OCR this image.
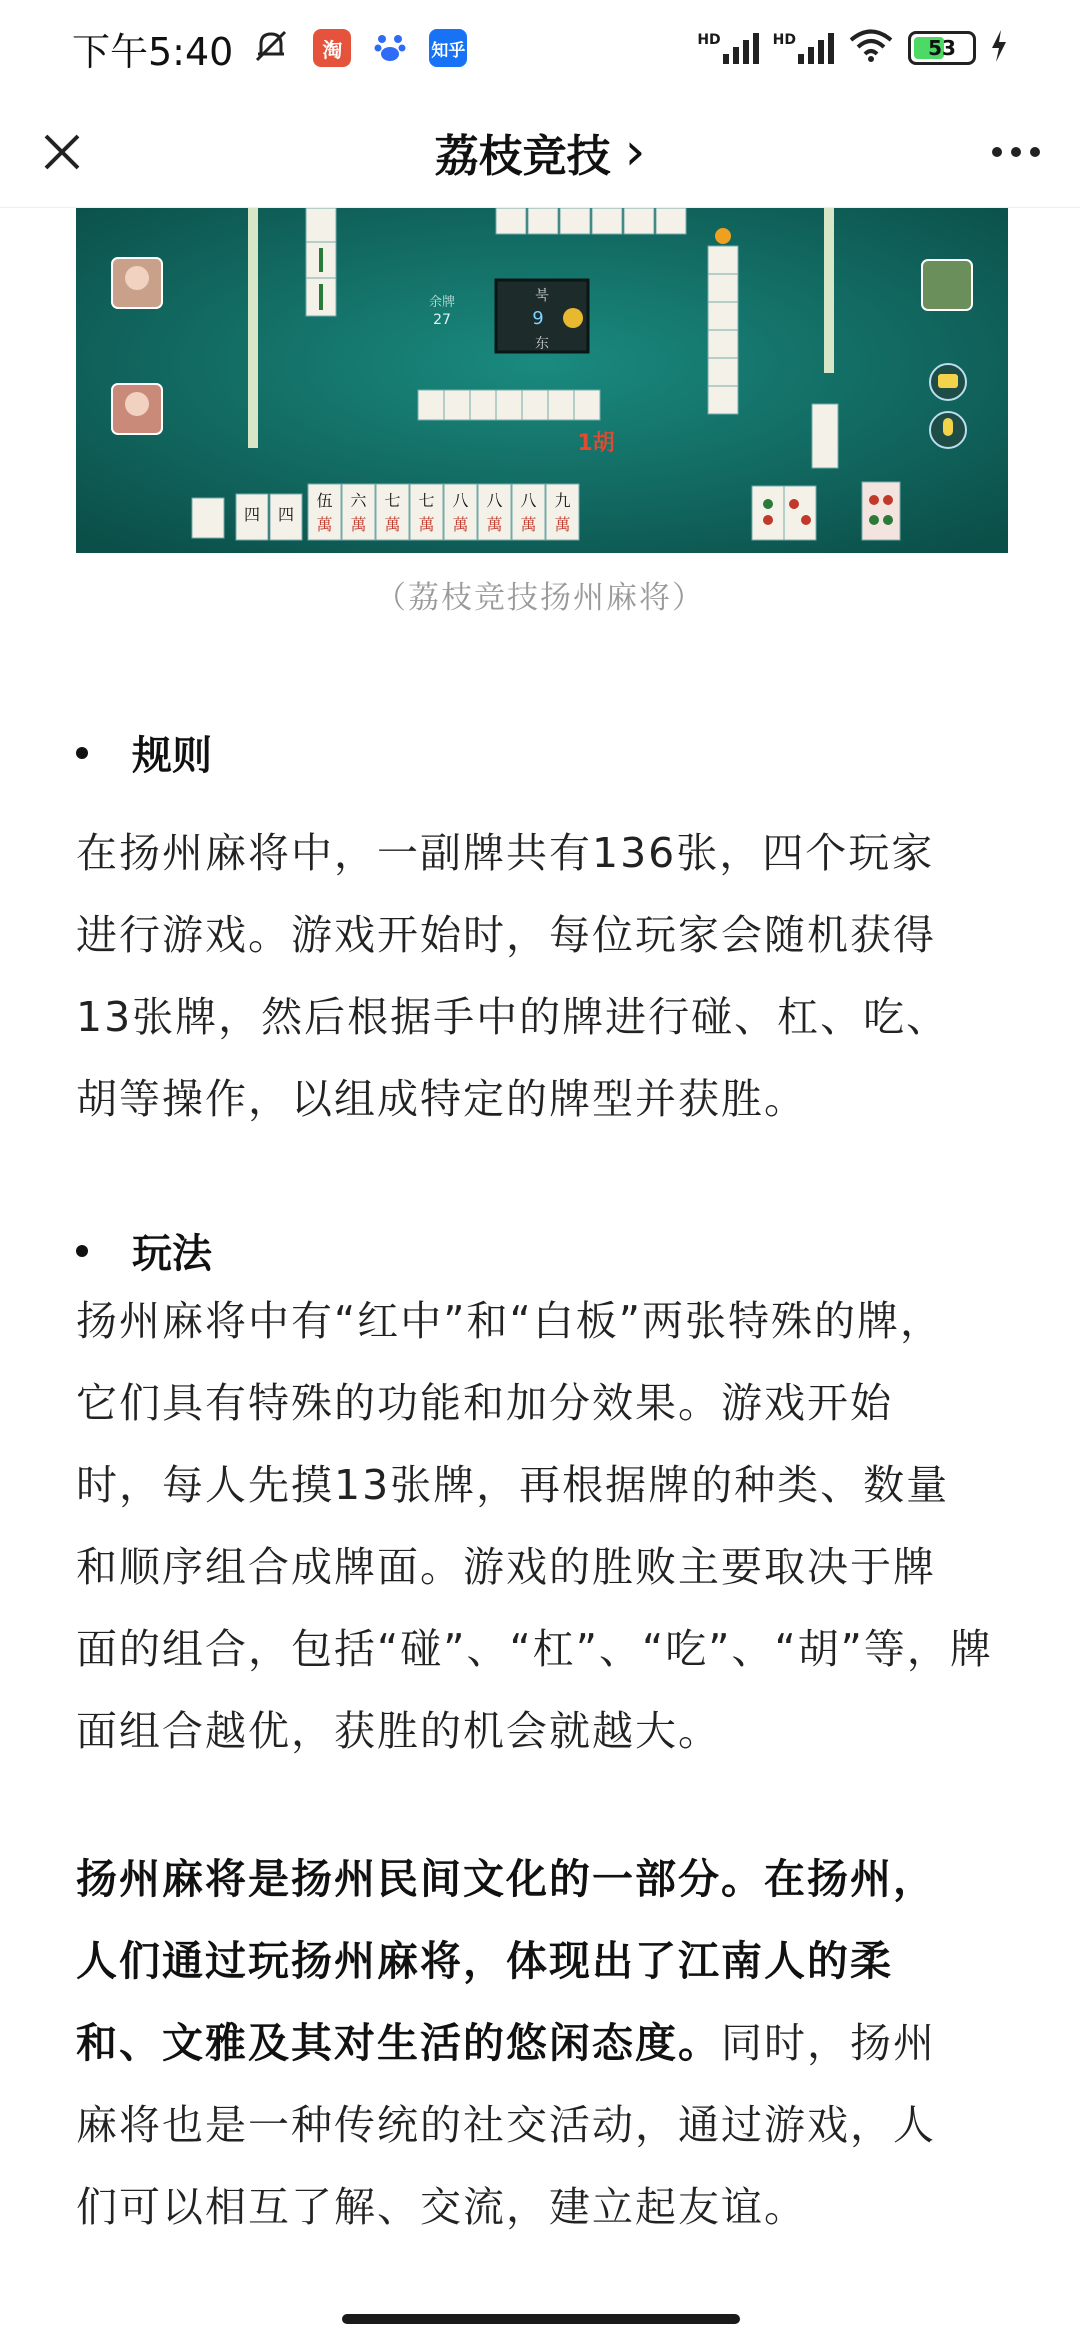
下午5:40	淘	知乎
HD	HD	53
荔枝竞技 ›
북
东
9
余牌
27
1胡
四 四
伍
萬
六
萬
七
萬
七
萬
八
萬
八
萬
八
萬
九
萬
（荔枝竞技扬州麻将）
规则
在扬州麻将中，一副牌共有136张，四个玩家
进行游戏。游戏开始时，每位玩家会随机获得
13张牌，然后根据手中的牌进行碰、杠、吃、
胡等操作，以组成特定的牌型并获胜。
玩法
扬州麻将中有“红中”和“白板”两张特殊的牌，
它们具有特殊的功能和加分效果。游戏开始
时，每人先摸13张牌，再根据牌的种类、数量
和顺序组合成牌面。游戏的胜败主要取决于牌
面的组合，包括“碰”、“杠”、“吃”、“胡”等，牌
面组合越优，获胜的机会就越大。
扬州麻将是扬州民间文化的一部分。在扬州，
人们通过玩扬州麻将，体现出了江南人的柔
和、文雅及其对生活的悠闲态度。同时，扬州
麻将也是一种传统的社交活动，通过游戏，人
们可以相互了解、交流，建立起友谊。
